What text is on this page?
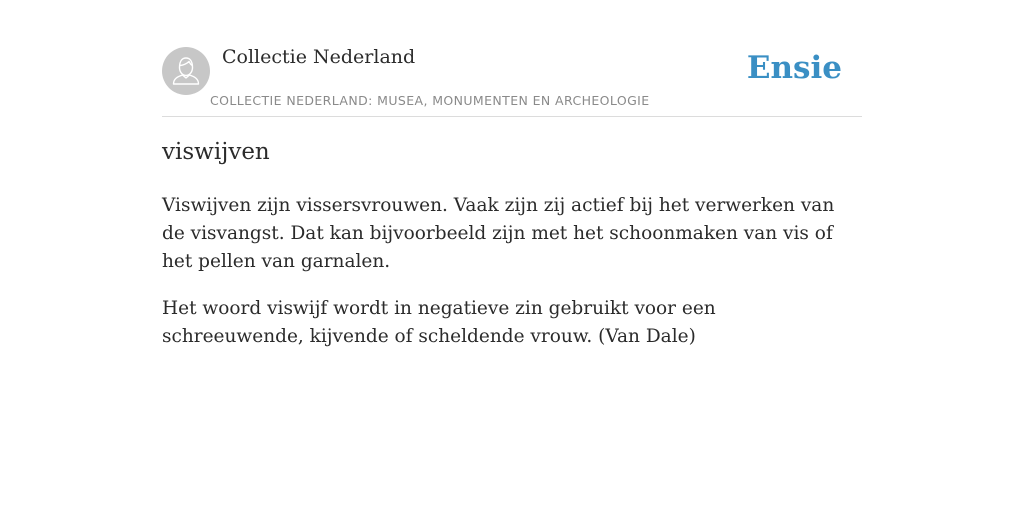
Collectie Nederland
COLLECTIE NEDERLAND: MUSEA, MONUMENTEN EN ARCHEOLOGIE
Ensie
viswijven

Viswijven zijn vissersvrouwen. Vaak zijn zij actief bij het verwerken van de visvangst. Dat kan bijvoorbeeld zijn met het schoonmaken van vis of het pellen van garnalen.

Het woord viswijf wordt in negatieve zin gebruikt voor een schreeuwende, kijvende of scheldende vrouw. (Van Dale)
